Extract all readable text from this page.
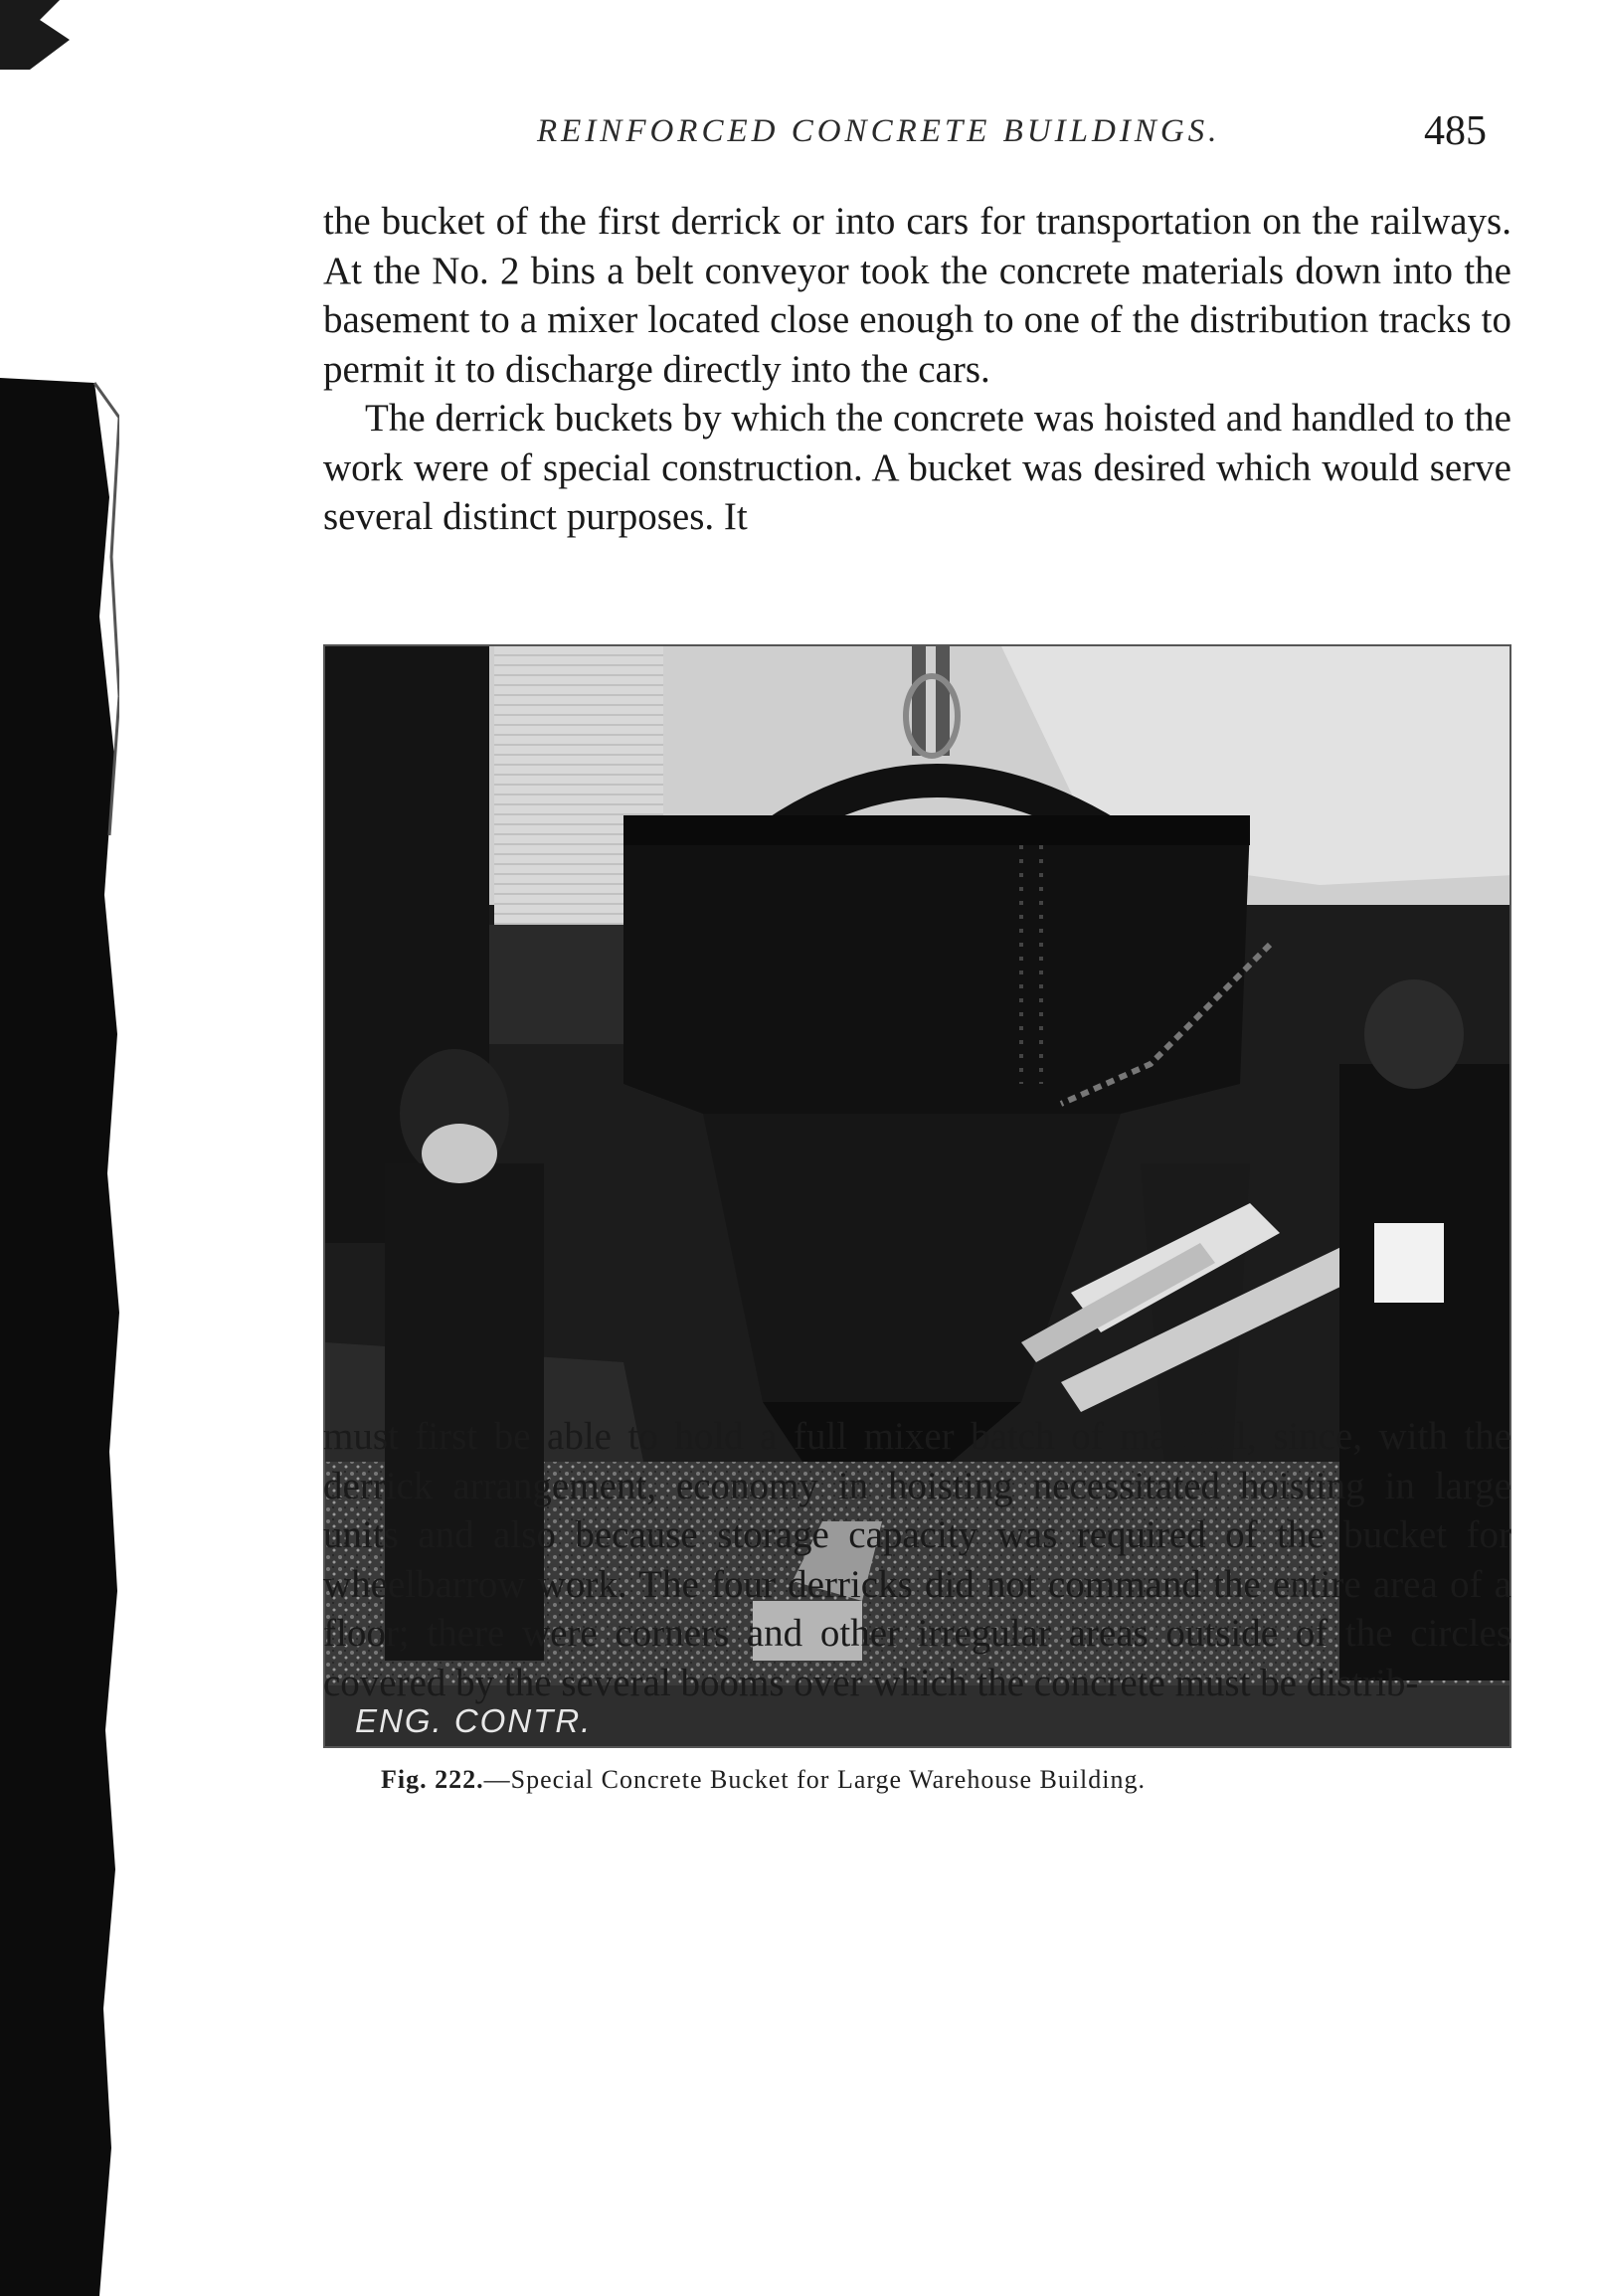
REINFORCED CONCRETE BUILDINGS.	485

the bucket of the first derrick or into cars for transportation on the railways. At the No. 2 bins a belt conveyor took the concrete materials down into the basement to a mixer located close enough to one of the distribution tracks to permit it to discharge directly into the cars.

The derrick buckets by which the concrete was hoisted and handled to the work were of special construction. A bucket was desired which would serve several distinct purposes. It

ENG. CONTR.
Fig. 222.—Special Concrete Bucket for Large Warehouse Building.

must first be able to hold a full mixer batch of material, since, with the derrick arrangement, economy in hoisting necessitated hoisting in large units and also because storage capacity was required of the bucket for wheelbarrow work. The four derricks did not command the entire area of a floor; there were corners and other irregular areas outside of the circles covered by the several booms over which the concrete must be distrib-
